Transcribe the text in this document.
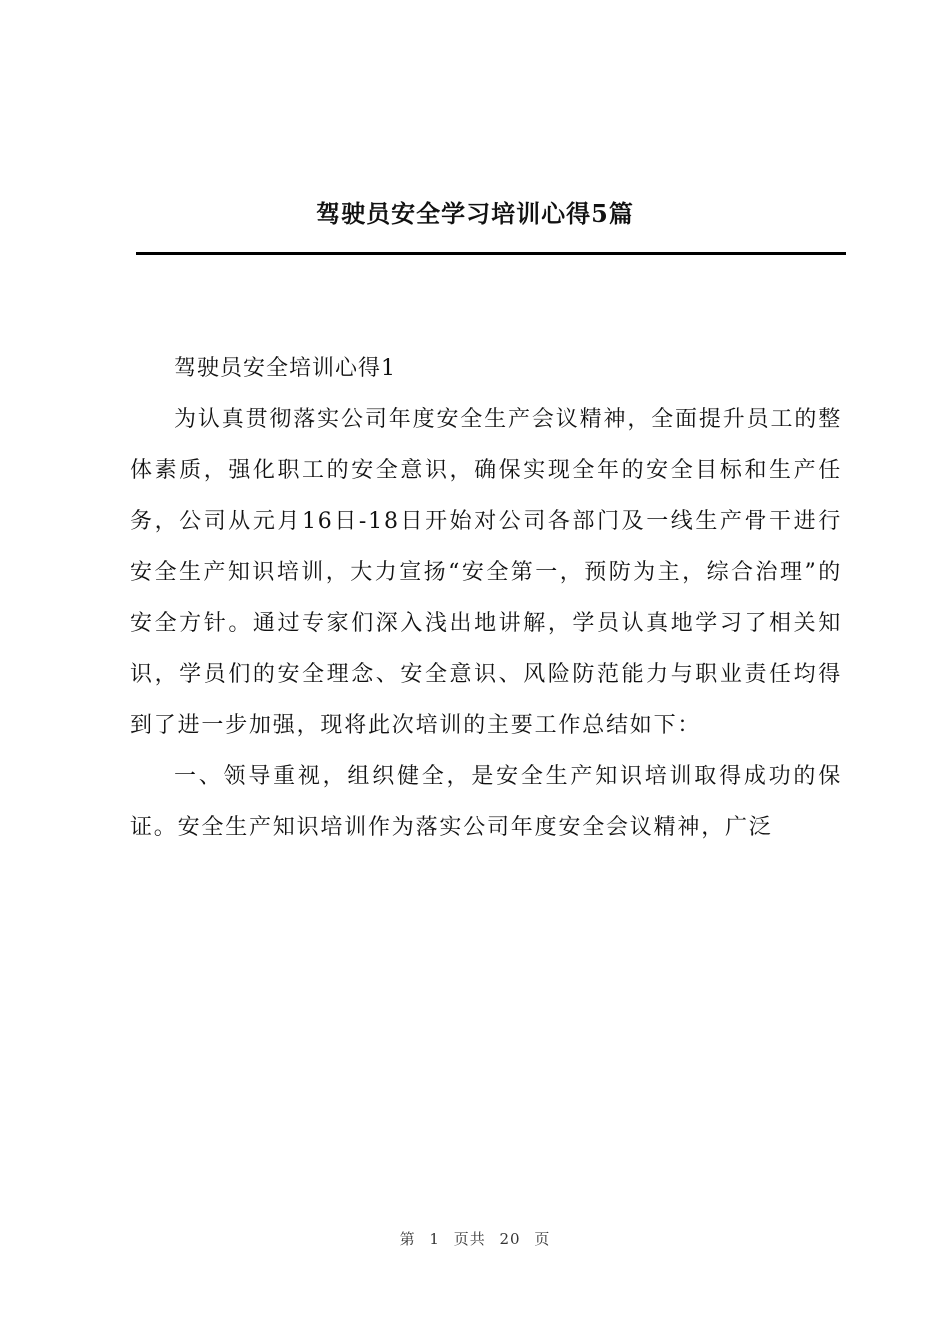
驾驶员安全学习培训心得5篇

驾驶员安全培训心得1

为认真贯彻落实公司年度安全生产会议精神，全面提升员工的整体素质，强化职工的安全意识，确保实现全年的安全目标和生产任务，公司从元月16日-18日开始对公司各部门及一线生产骨干进行安全生产知识培训，大力宣扬“安全第一，预防为主，综合治理”的安全方针。通过专家们深入浅出地讲解，学员认真地学习了相关知识，学员们的安全理念、安全意识、风险防范能力与职业责任均得到了进一步加强，现将此次培训的主要工作总结如下：

一、领导重视，组织健全，是安全生产知识培训取得成功的保证。安全生产知识培训作为落实公司年度安全会议精神，广泛

第 1 页共 20 页
